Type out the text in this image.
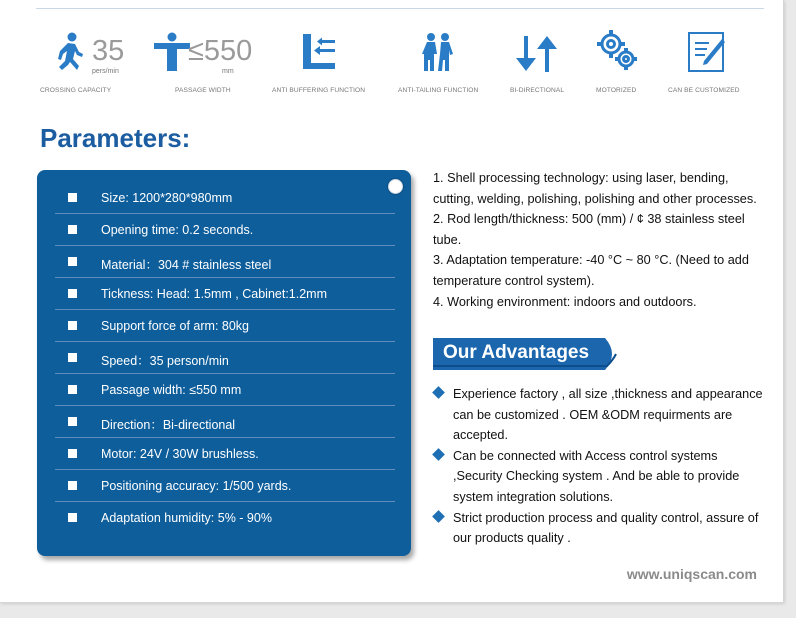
35
pers/min
CROSSING CAPACITY
≤550
mm
PASSAGE WIDTH	ANTI BUFFERING FUNCTION	ANTI-TAILING FUNCTION	BI-DIRECTIONAL	MOTORIZED	CAN BE CUSTOMIZED
Parameters:
Size: 1200*280*980mm
Opening time: 0.2 seconds.
Material：304 # stainless steel
Tickness: Head: 1.5mm , Cabinet:1.2mm
Support force of arm: 80kg
Speed：35 person/min
Passage width: ≤550 mm
Direction：Bi-directional
Motor: 24V / 30W brushless.
Positioning accuracy: 1/500 yards.
Adaptation humidity: 5% - 90%

1. Shell processing technology: using laser, bending, cutting, welding, polishing, polishing and other processes.

2. Rod length/thickness: 500 (mm) / ¢ 38 stainless steel tube.

3. Adaptation temperature: -40 °C ~ 80 °C. (Need to add temperature control system).

4. Working environment: indoors and outdoors.

Our Advantages
Experience factory , all size ,thickness and appearance can be customized . OEM &ODM requirments are accepted.
Can be connected with Access control systems ,Security Checking system . And be able to provide system integration solutions.
Strict production process and quality control, assure of our products quality .
www.uniqscan.com
